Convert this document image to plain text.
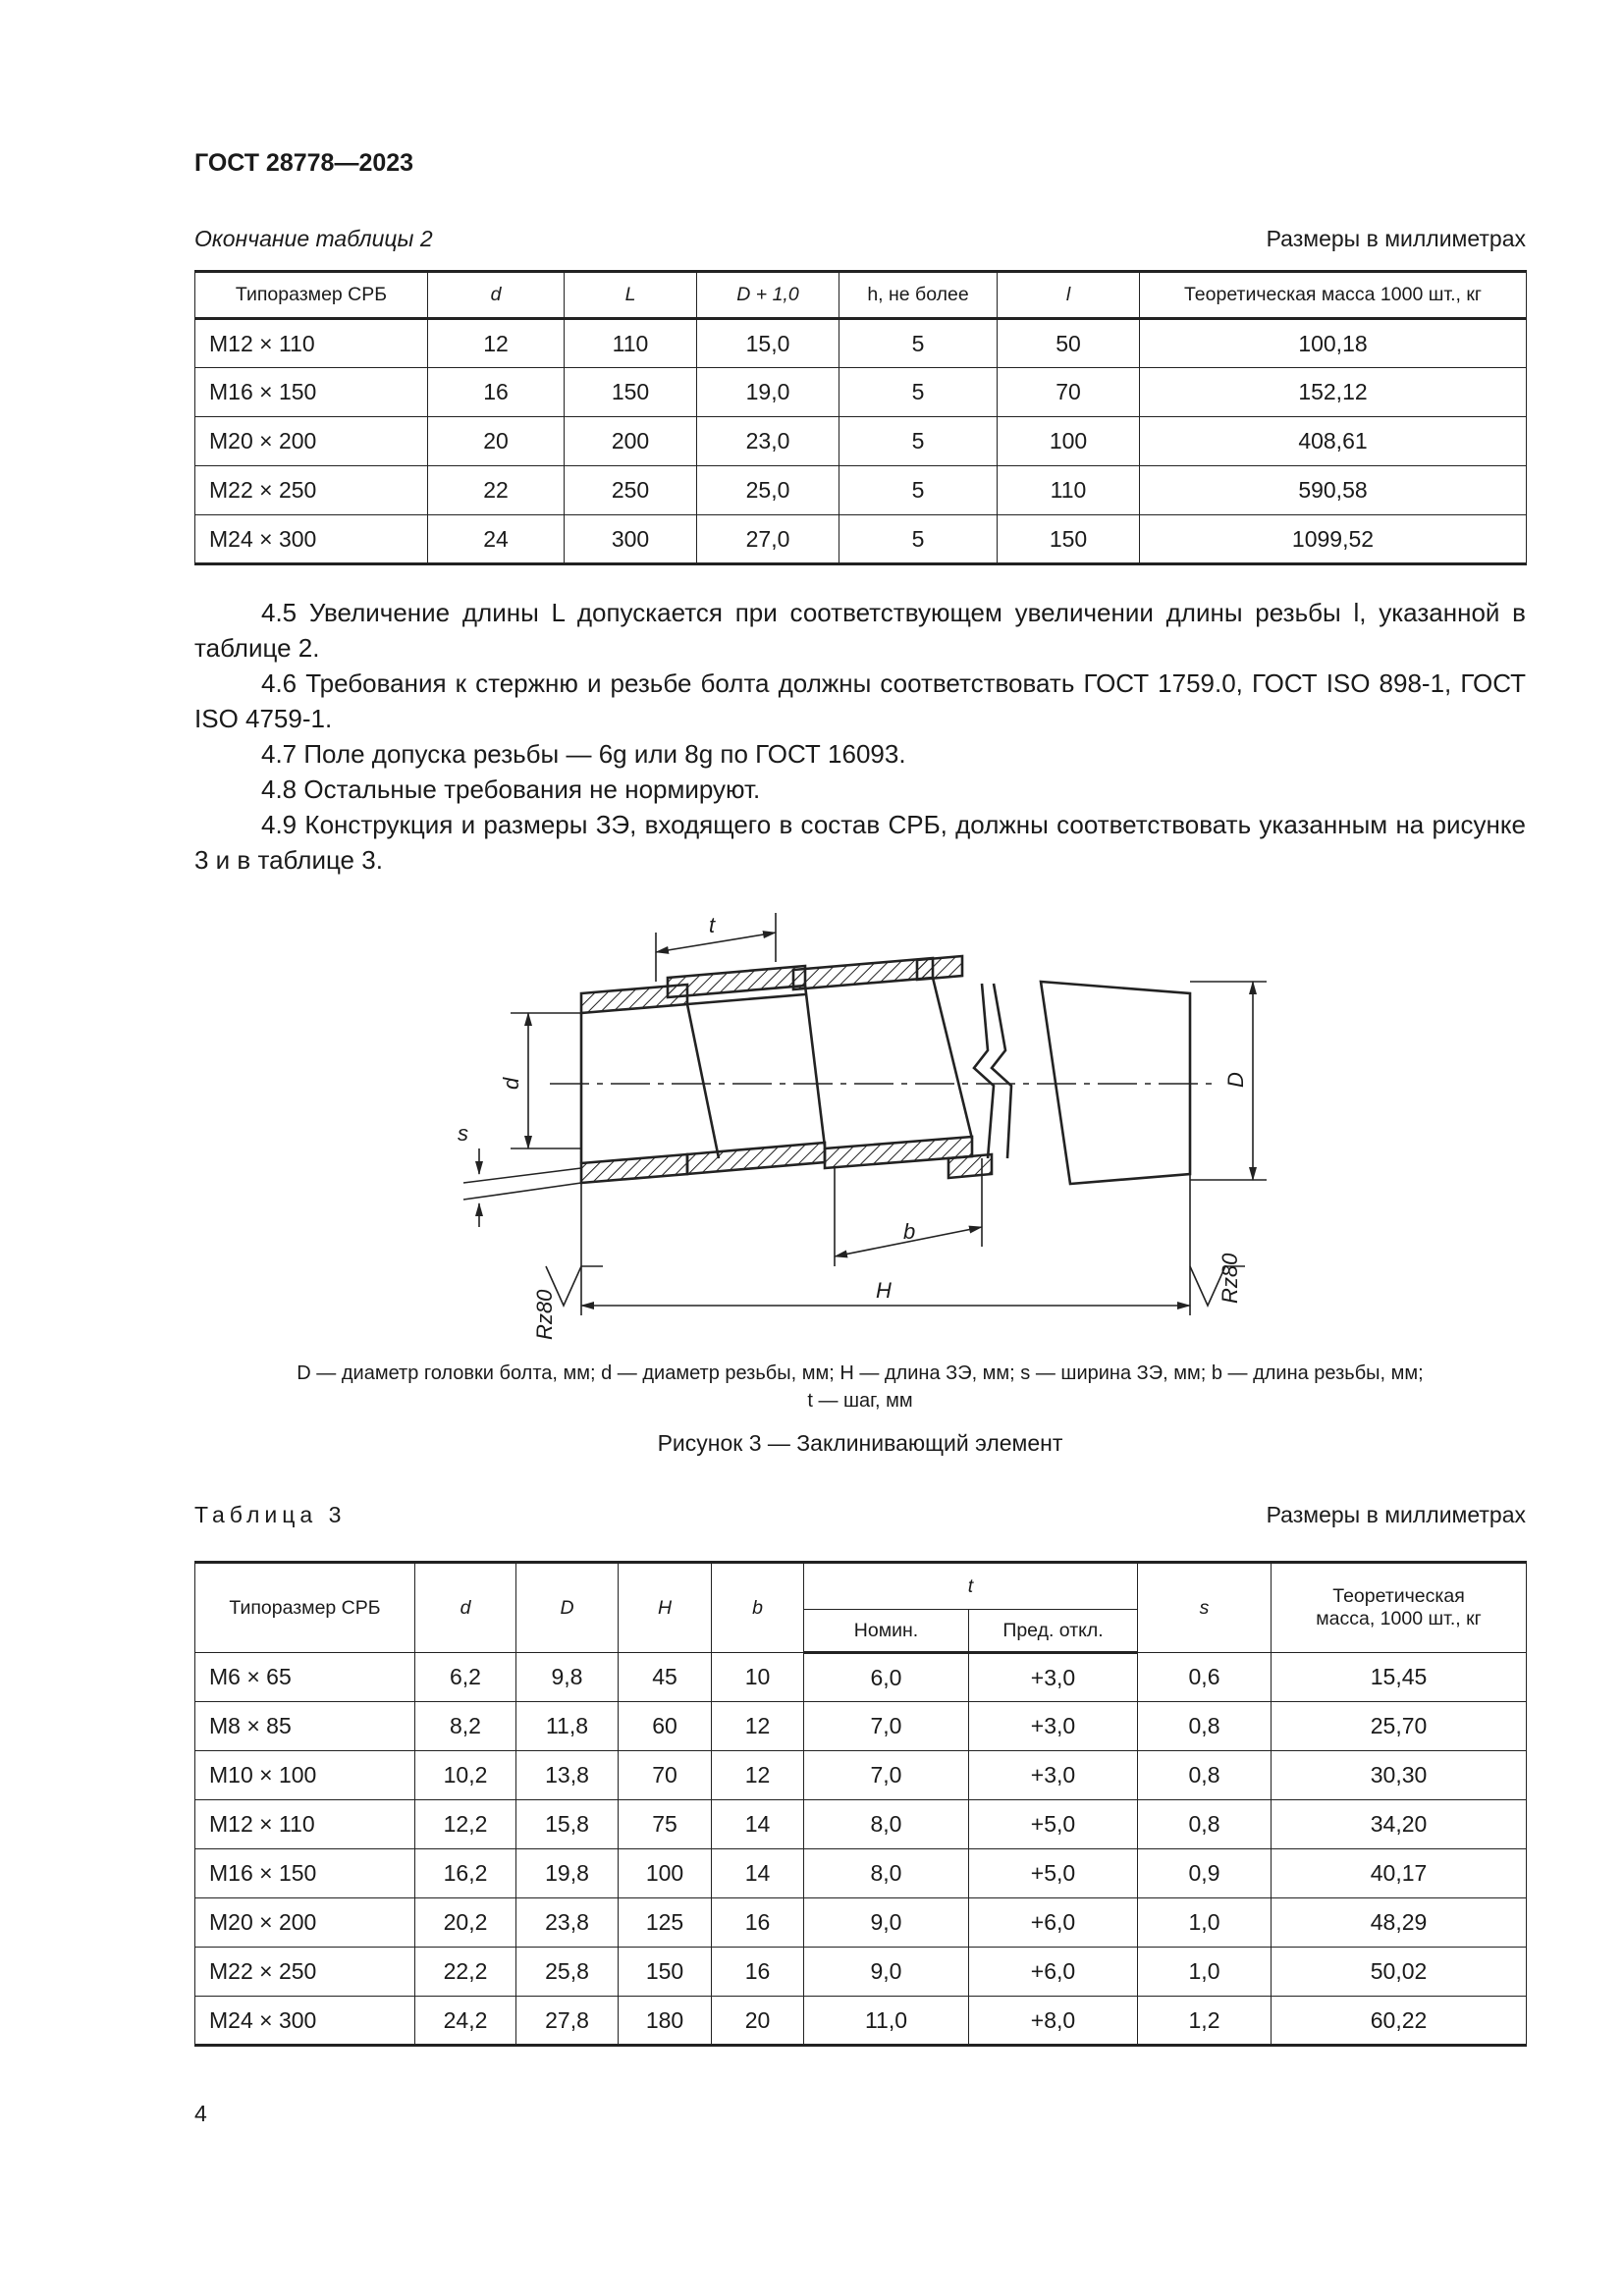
ГОСТ 28778—2023
Окончание таблицы 2	Размеры в миллиметрах
Типоразмер СРБ	d	L	D + 1,0	h, не более	l	Теоретическая масса 1000 шт., кг
M12 × 110	12	110	15,0	5	50	100,18
M16 × 150	16	150	19,0	5	70	152,12
M20 × 200	20	200	23,0	5	100	408,61
M22 × 250	22	250	25,0	5	110	590,58
M24 × 300	24	300	27,0	5	150	1099,52

4.5 Увеличение длины L допускается при соответствующем увеличении длины резьбы l, указанной в таблице 2.

4.6 Требования к стержню и резьбе болта должны соответствовать ГОСТ 1759.0, ГОСТ ISO 898-1, ГОСТ ISO 4759-1.

4.7 Поле допуска резьбы — 6g или 8g по ГОСТ 16093.

4.8 Остальные требования не нормируют.

4.9 Конструкция и размеры ЗЭ, входящего в состав СРБ, должны соответствовать указанным на рисунке 3 и в таблице 3.

t
d	D
s
b
H
Rz80
Rz80
D — диаметр головки болта, мм; d — диаметр резьбы, мм; H — длина ЗЭ, мм; s — ширина ЗЭ, мм; b — длина резьбы, мм;
t — шаг, мм
Рисунок 3 — Заклинивающий элемент
Таблица 3	Размеры в миллиметрах
Типоразмер СРБ	d	D	H	b	t		s	Теоретическая масса, 1000 шт., кг
					Номин.	Пред. откл.		
M6 × 65	6,2	9,8	45	10	6,0	+3,0	0,6	15,45
M8 × 85	8,2	11,8	60	12	7,0	+3,0	0,8	25,70
M10 × 100	10,2	13,8	70	12	7,0	+3,0	0,8	30,30
M12 × 110	12,2	15,8	75	14	8,0	+5,0	0,8	34,20
M16 × 150	16,2	19,8	100	14	8,0	+5,0	0,9	40,17
M20 × 200	20,2	23,8	125	16	9,0	+6,0	1,0	48,29
M22 × 250	22,2	25,8	150	16	9,0	+6,0	1,0	50,02
M24 × 300	24,2	27,8	180	20	11,0	+8,0	1,2	60,22
4
